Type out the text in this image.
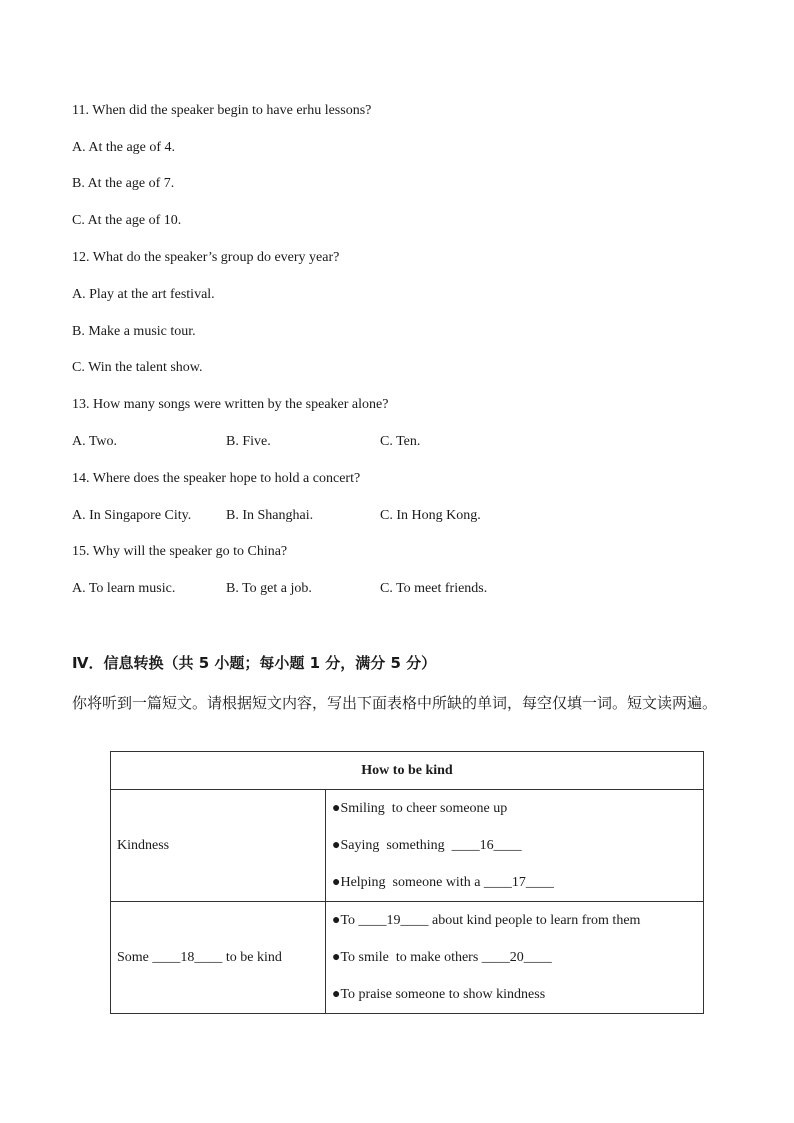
11. When did the speaker begin to have erhu lessons?
A. At the age of 4.
B. At the age of 7.
C. At the age of 10.
12. What do the speaker’s group do every year?
A. Play at the art festival.
B. Make a music tour.
C. Win the talent show.
13. How many songs were written by the speaker alone?
A. Two.	B. Five.	C. Ten.
14. Where does the speaker hope to hold a concert?
A. In Singapore City. B. In Shanghai.	C. In Hong Kong.
15. Why will the speaker go to China?
A. To learn music.	B. To get a job.	C. To meet friends.
Ⅳ．信息转换（共 5 小题；每小题 1 分，满分 5 分）
你将听到一篇短文。请根据短文内容，写出下面表格中所缺的单词，每空仅填一词。短文读两遍。
How to be kind	
Kindness	●Smiling  to cheer someone up
●Saying  something  ____16____
●Helping  someone with a ____17____

Some ____18____ to be kind	●To ____19____ about kind people to learn from them
●To smile  to make others ____20____
●To praise someone to show kindness
